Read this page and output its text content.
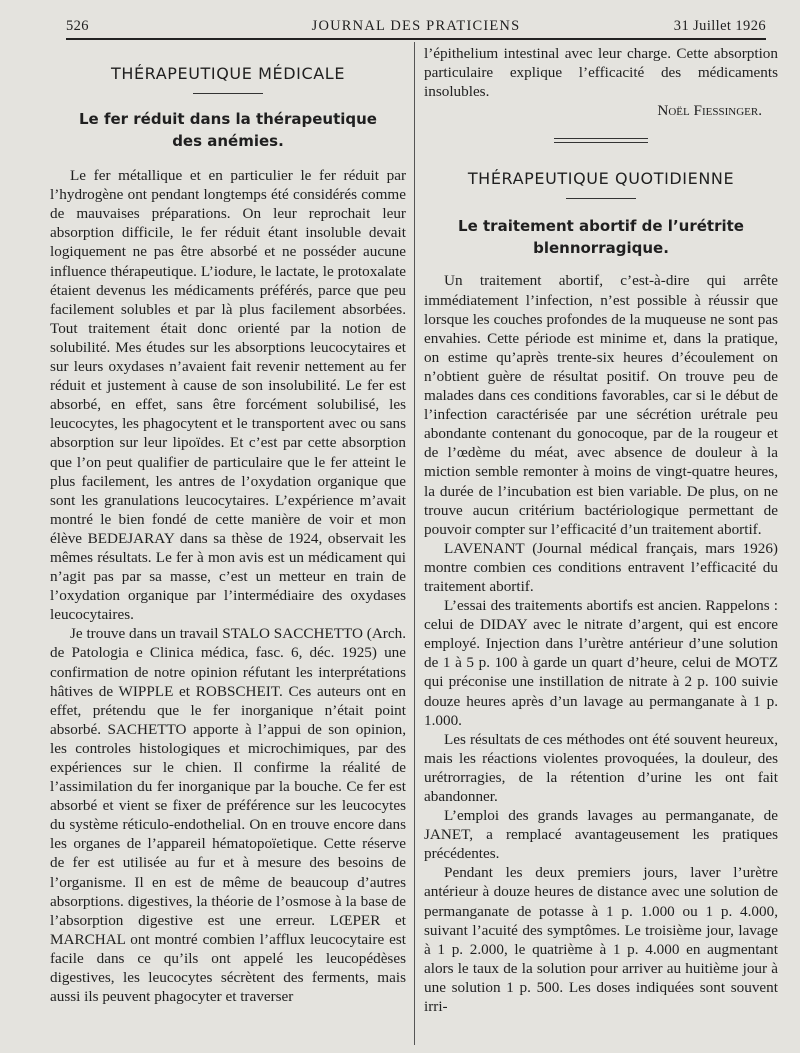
526	JOURNAL DES PRATICIENS	31 Juillet 1926
THÉRAPEUTIQUE MÉDICALE
Le fer réduit dans la thérapeutique
des anémies.

Le fer métallique et en particulier le fer réduit par l’hydrogène ont pendant longtemps été considérés comme de mauvaises préparations. On leur reprochait leur absorption difficile, le fer réduit étant insoluble devait logiquement ne pas être absorbé et ne posséder aucune influence thérapeutique. L’iodure, le lactate, le protoxalate étaient devenus les médicaments préférés, parce que peu facilement solubles et par là plus facilement absorbées. Tout traitement était donc orienté par la notion de solubilité. Mes études sur les absorptions leucocytaires et sur leurs oxydases n’avaient fait revenir nettement au fer réduit et justement à cause de son insolubilité. Le fer est absorbé, en effet, sans être forcément solubilisé, les leucocytes, les phagocytent et le transportent avec ou sans absorption sur leur lipoïdes. Et c’est par cette absorption que l’on peut qualifier de particulaire que le fer atteint le plus facilement, les antres de l’oxydation organique que sont les granulations leucocytaires. L’expérience m’avait montré le bien fondé de cette manière de voir et mon élève BEDEJARAY dans sa thèse de 1924, observait les mêmes résultats. Le fer à mon avis est un médicament qui n’agit pas par sa masse, c’est un metteur en train de l’oxydation organique par l’intermédiaire des oxydases leucocytaires.

Je trouve dans un travail STALO SACCHETTO (Arch. de Patologia e Clinica médica, fasc. 6, déc. 1925) une confirmation de notre opinion réfutant les interprétations hâtives de WIPPLE et ROBSCHEIT. Ces auteurs ont en effet, prétendu que le fer inorganique n’était point absorbé. SACHETTO apporte à l’appui de son opinion, les controles histologiques et microchimiques, par des expériences sur le chien. Il confirme la réalité de l’assimilation du fer inorganique par la bouche. Ce fer est absorbé et vient se fixer de préférence sur les leucocytes du système réticulo-endothelial. On en trouve encore dans les organes de l’appareil hématopoïetique. Cette réserve de fer est utilisée au fur et à mesure des besoins de l’organisme. Il en est de même de beaucoup d’autres absorptions. digestives, la théorie de l’osmose à la base de l’absorption digestive est une erreur. LŒPER et MARCHAL ont montré combien l’afflux leucocytaire est facile dans ce qu’ils ont appelé les leucopédèses digestives, les leucocytes sécrètent des ferments, mais aussi ils peuvent phagocyter et traverser

l’épithelium intestinal avec leur charge. Cette absorption particulaire explique l’efficacité des médicaments insolubles.

Noël Fiessinger.
THÉRAPEUTIQUE QUOTIDIENNE
Le traitement abortif de l’urétrite
blennorragique.

Un traitement abortif, c’est-à-dire qui arrête immédiatement l’infection, n’est possible à réussir que lorsque les couches profondes de la muqueuse ne sont pas envahies. Cette période est minime et, dans la pratique, on estime qu’après trente-six heures d’écoulement on n’obtient guère de résultat positif. On trouve peu de malades dans ces conditions favorables, car si le début de l’infection caractérisée par une sécrétion urétrale peu abondante contenant du gonocoque, par de la rougeur et de l’œdème du méat, avec absence de douleur à la miction semble remonter à moins de vingt-quatre heures, la durée de l’incubation est bien variable. De plus, on ne trouve aucun critérium bactériologique permettant de pouvoir compter sur l’efficacité d’un traitement abortif.

LAVENANT (Journal médical français, mars 1926) montre combien ces conditions entravent l’efficacité du traitement abortif.

L’essai des traitements abortifs est ancien. Rappelons : celui de DIDAY avec le nitrate d’argent, qui est encore employé. Injection dans l’urètre antérieur d’une solution de 1 à 5 p. 100 à garde un quart d’heure, celui de MOTZ qui préconise une instillation de nitrate à 2 p. 100 suivie douze heures après d’un lavage au permanganate à 1 p. 1.000.

Les résultats de ces méthodes ont été souvent heureux, mais les réactions violentes provoquées, la douleur, des urétrorragies, de la rétention d’urine les ont fait abandonner.

L’emploi des grands lavages au permanganate, de JANET, a remplacé avantageusement les pratiques précédentes.

Pendant les deux premiers jours, laver l’urètre antérieur à douze heures de distance avec une solution de permanganate de potasse à 1 p. 1.000 ou 1 p. 4.000, suivant l’acuité des symptômes. Le troisième jour, lavage à 1 p. 2.000, le quatrième à 1 p. 4.000 en augmentant alors le taux de la solution pour arriver au huitième jour à une solution 1 p. 500. Les doses indiquées sont souvent irri-
